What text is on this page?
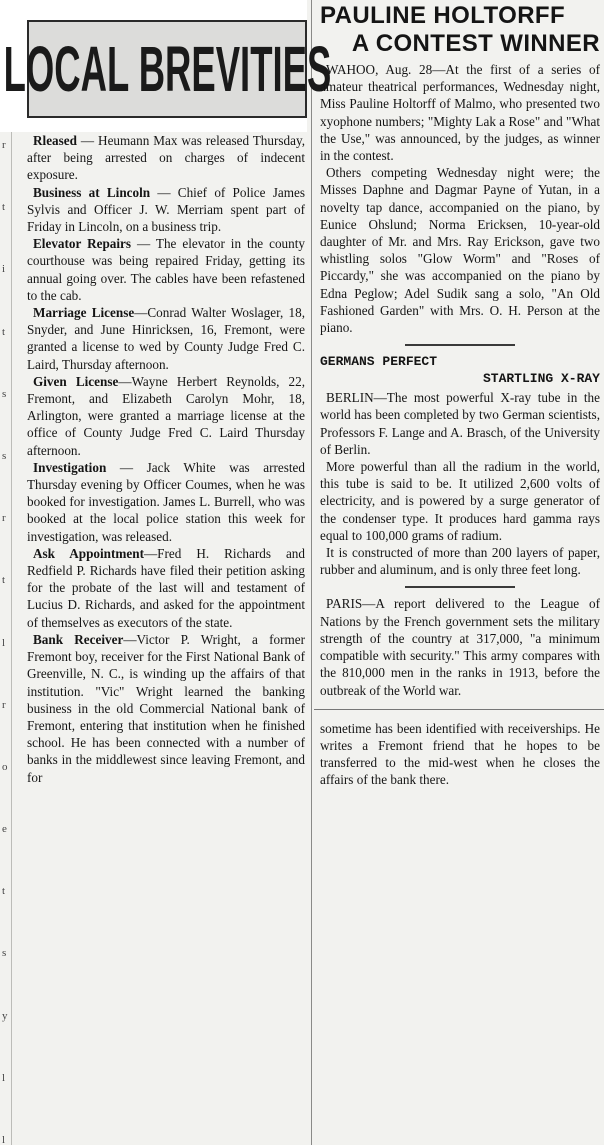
LOCAL BREVITIES

Rleased — Heumann Max was released Thursday, after being arrested on charges of indecent exposure.

Business at Lincoln — Chief of Police James Sylvis and Officer J. W. Merriam spent part of Friday in Lincoln, on a business trip.

Elevator Repairs — The elevator in the county courthouse was being repaired Friday, getting its annual going over. The cables have been refastened to the cab.

Marriage License—Conrad Walter Woslager, 18, Snyder, and June Hinricksen, 16, Fremont, were granted a license to wed by County Judge Fred C. Laird, Thursday afternoon.

Given License—Wayne Herbert Reynolds, 22, Fremont, and Elizabeth Carolyn Mohr, 18, Arlington, were granted a marriage license at the office of County Judge Fred C. Laird Thursday afternoon.

Investigation — Jack White was arrested Thursday evening by Officer Coumes, when he was booked for investigation. James L. Burrell, who was booked at the local police station this week for investigation, was released.

Ask Appointment—Fred H. Richards and Redfield P. Richards have filed their petition asking for the probate of the last will and testament of Lucius D. Richards, and asked for the appointment of themselves as executors of the state.

Bank Receiver—Victor P. Wright, a former Fremont boy, receiver for the First National Bank of Greenville, N. C., is winding up the affairs of that institution. "Vic" Wright learned the banking business in the old Commercial National bank of Fremont, entering that institution when he finished school. He has been connected with a number of banks in the middlewest since leaving Fremont, and for

PAULINE HOLTORFF
A CONTEST WINNER

WAHOO, Aug. 28—At the first of a series of amateur theatrical performances, Wednesday night, Miss Pauline Holtorff of Malmo, who presented two xyophone numbers; "Mighty Lak a Rose" and "What the Use," was announced, by the judges, as winner in the contest.

Others competing Wednesday night were; the Misses Daphne and Dagmar Payne of Yutan, in a novelty tap dance, accompanied on the piano, by Eunice Ohslund; Norma Ericksen, 10-year-old daughter of Mr. and Mrs. Ray Erickson, gave two whistling solos "Glow Worm" and "Roses of Piccardy," she was accompanied on the piano by Edna Peglow; Adel Sudik sang a solo, "An Old Fashioned Garden" with Mrs. O. H. Person at the piano.

GERMANS PERFECT
STARTLING X-RAY

BERLIN—The most powerful X-ray tube in the world has been completed by two German scientists, Professors F. Lange and A. Brasch, of the University of Berlin.

More powerful than all the radium in the world, this tube is said to be. It utilized 2,600 volts of electricity, and is powered by a surge generator of the condenser type. It produces hard gamma rays equal to 100,000 grams of radium.

It is constructed of more than 200 layers of paper, rubber and aluminum, and is only three feet long.

PARIS—A report delivered to the League of Nations by the French government sets the military strength of the country at 317,000, "a minimum compatible with security." This army compares with the 810,000 men in the ranks in 1913, before the outbreak of the World war.

sometime has been identified with receiverships. He writes a Fremont friend that he hopes to be transferred to the mid-west when he closes the affairs of the bank there.

r
t
i
t
s
s
r
t
l
r
o
e
t
s
y
l
l
